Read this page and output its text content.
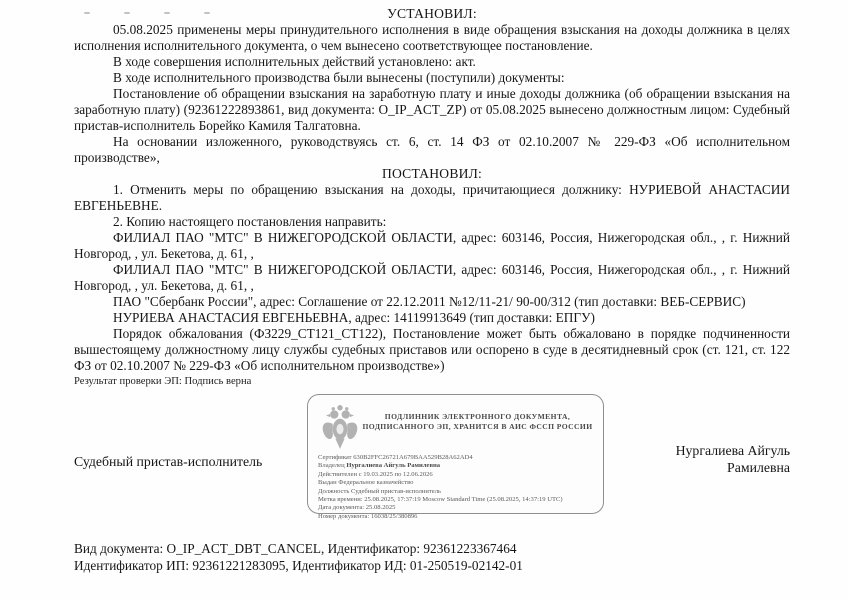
УСТАНОВИЛ:

05.08.2025 применены меры принудительного исполнения в виде обращения взыскания на доходы должника в целях исполнения исполнительного документа, о чем вынесено соответствующее постановление.

В ходе совершения исполнительных действий установлено: акт.

В ходе исполнительного производства были вынесены (поступили) документы:

Постановление об обращении взыскания на заработную плату и иные доходы должника (об обращении взыскания на заработную плату) (92361222893861, вид документа: O_IP_ACT_ZP) от 05.08.2025 вынесено должностным лицом: Судебный пристав-исполнитель Борейко Камиля Талгатовна.

На основании изложенного, руководствуясь ст. 6, ст. 14 ФЗ от 02.10.2007 № 229-ФЗ «Об исполнительном производстве»,

ПОСТАНОВИЛ:

1. Отменить меры по обращению взыскания на доходы, причитающиеся должнику: НУРИЕВОЙ АНАСТАСИИ ЕВГЕНЬЕВНЕ.

2. Копию настоящего постановления направить:

ФИЛИАЛ ПАО "МТС" В НИЖЕГОРОДСКОЙ ОБЛАСТИ, адрес: 603146, Россия, Нижегородская обл., , г. Нижний Новгород, , ул. Бекетова, д. 61, ,

ФИЛИАЛ ПАО "МТС" В НИЖЕГОРОДСКОЙ ОБЛАСТИ, адрес: 603146, Россия, Нижегородская обл., , г. Нижний Новгород, , ул. Бекетова, д. 61, ,

ПАО "Сбербанк России", адрес: Соглашение от 22.12.2011 №12/11-21/ 90-00/312 (тип доставки: ВЕБ-СЕРВИС)

НУРИЕВА АНАСТАСИЯ ЕВГЕНЬЕВНА, адрес: 14119913649 (тип доставки: ЕПГУ)

Порядок обжалования (ФЗ229_СТ121_СТ122), Постановление может быть обжаловано в порядке подчиненности вышестоящему должностному лицу службы судебных приставов или оспорено в суде в десятидневный срок (ст. 121, ст. 122 ФЗ от 02.10.2007 № 229-ФЗ «Об исполнительном производстве»)

Результат проверки ЭП: Подпись верна

Судебный пристав-исполнитель
ПОДЛИННИК ЭЛЕКТРОННОГО ДОКУМЕНТА,
ПОДПИСАННОГО ЭП, ХРАНИТСЯ В АИС ФССП РОССИИ
Сертификат 630B2FFC26721A679BAA529B28A62AD4
Владелец Нургалиева Айгуль Рамилевна
Действителен с 19.03.2025 по 12.06.2026
Выдан Федеральное казначейство
Должность Судебный пристав-исполнитель
Метка времени: 25.08.2025, 17:37:19 Moscow Standard Time (25.08.2025, 14:37:19 UTC)
Дата документа: 25.08.2025
Номер документа: 16038/25/380896
Нургалиева Айгуль Рамилевна
Вид документа: O_IP_ACT_DBT_CANCEL, Идентификатор: 92361223367464
Идентификатор ИП: 92361221283095, Идентификатор ИД: 01-250519-02142-01
